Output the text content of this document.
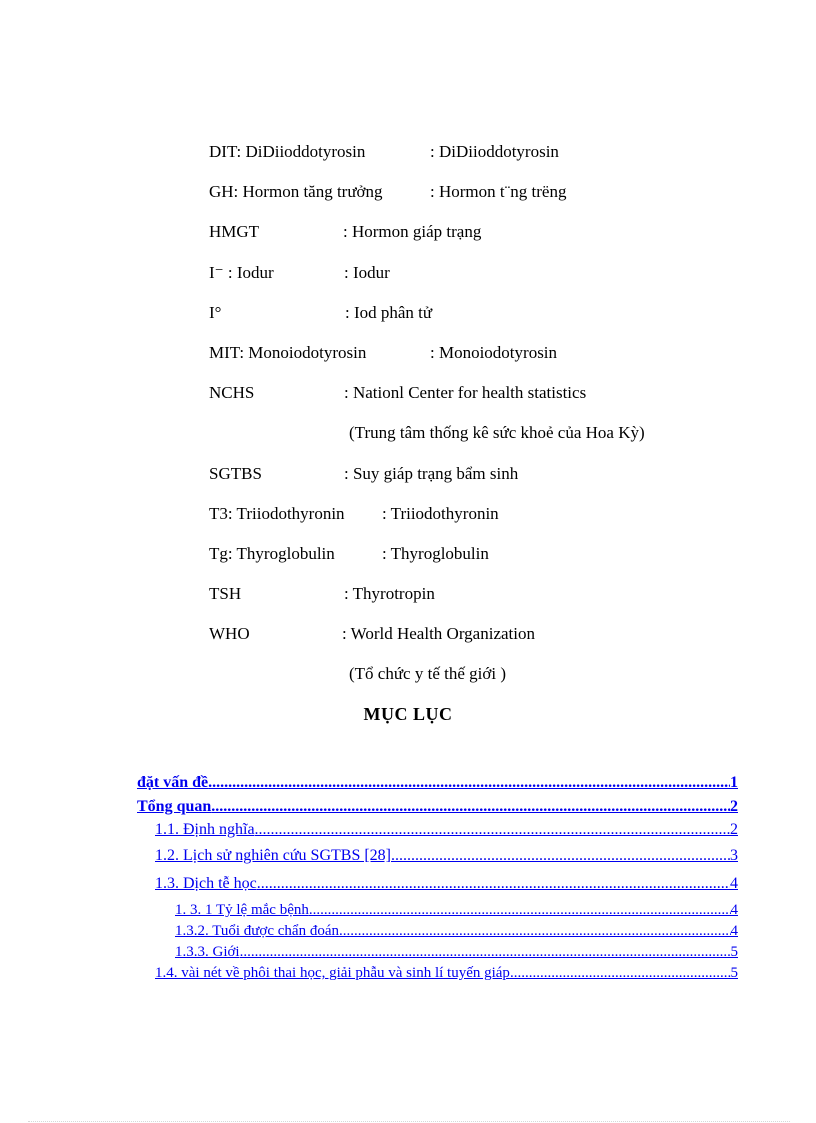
DIT: DiDiioddotyrosin	: DiDiioddotyrosin
GH: Hormon tăng trưởng	: Hormon t¨ng trëng
HMGT	: Hormon giáp trạng
I⁻ : Iodur	: Iodur
I°	: Iod phân tử
MIT: Monoiodotyrosin	: Monoiodotyrosin
NCHS	: Nationl Center for health statistics
(Trung tâm thống kê sức khoẻ của Hoa Kỳ)
SGTBS	: Suy giáp trạng bẩm sinh
T3: Triiodothyronin : Triiodothyronin
Tg: Thyroglobulin	: Thyroglobulin
TSH	: Thyrotropin
WHO	: World Health Organization
(Tổ chức y tế thế giới )
MỤC LỤC
đặt vấn đề .....	1
Tổng quan .....	2
1.1. Định nghĩa .....	2
1.2. Lịch sử nghiên cứu SGTBS [28] .....	3
1.3. Dịch tễ học .....	4
1. 3. 1 Tỷ lệ mắc bệnh .....	4
1.3.2. Tuổi được chẩn đoán .....	4
1.3.3. Giới .....	5
1.4. vài nét về phôi thai học, giải phẫu và sinh lí tuyến giáp .....	5
